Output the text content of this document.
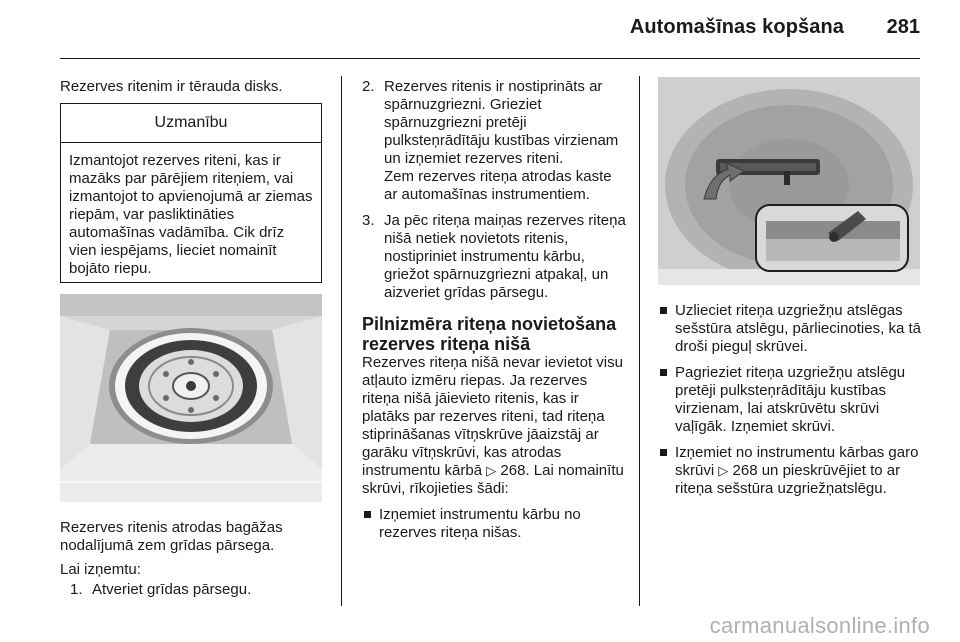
Automašīnas kopšana	281

Rezerves ritenim ir tērauda disks.

Uzmanību
Izmantojot rezerves riteni, kas ir mazāks par pārējiem riteņiem, vai izmantojot to apvienojumā ar ziemas riepām, var pasliktināties automašīnas vadāmība. Cik drīz vien iespējams, lieciet nomainīt bojāto riepu.

Rezerves ritenis atrodas bagāžas nodalījumā zem grīdas pārsega.

Lai izņemtu:

1. Atveriet grīdas pārsegu.
2. Rezerves ritenis ir nostiprināts ar spārnuzgriezni. Grieziet spārnuzgriezni pretēji pulksteņrādītāju kustības virzienam un izņemiet rezerves riteni.

Zem rezerves riteņa atrodas kaste ar automašīnas instrumentiem.

3. Ja pēc riteņa maiņas rezerves riteņa nišā netiek novietots ritenis, nostipriniet instrumentu kārbu, griežot spārnuzgriezni atpakaļ, un aizveriet grīdas pārsegu.

Pilnizmēra riteņa novietošana rezerves riteņa nišā

Rezerves riteņa nišā nevar ievietot visu atļauto izmēru riepas. Ja rezerves riteņa nišā jāievieto ritenis, kas ir platāks par rezerves riteni, tad riteņa stiprināšanas vītņskrūve jāaizstāj ar garāku vītņskrūvi, kas atrodas instrumentu kārbā ▷ 268. Lai nomainītu skrūvi, rīkojieties šādi:

Izņemiet instrumentu kārbu no rezerves riteņa nišas.
Uzlieciet riteņa uzgriežņu atslēgas sešstūra atslēgu, pārliecinoties, ka tā droši pieguļ skrūvei.
Pagrieziet riteņa uzgriežņu atslēgu pretēji pulksteņrādītāju kustības virzienam, lai atskrūvētu skrūvi vaļīgāk. Izņemiet skrūvi.
Izņemiet no instrumentu kārbas garo skrūvi ▷ 268 un pieskrūvējiet to ar riteņa sešstūra uzgriežņatslēgu.
carmanualsonline.info
